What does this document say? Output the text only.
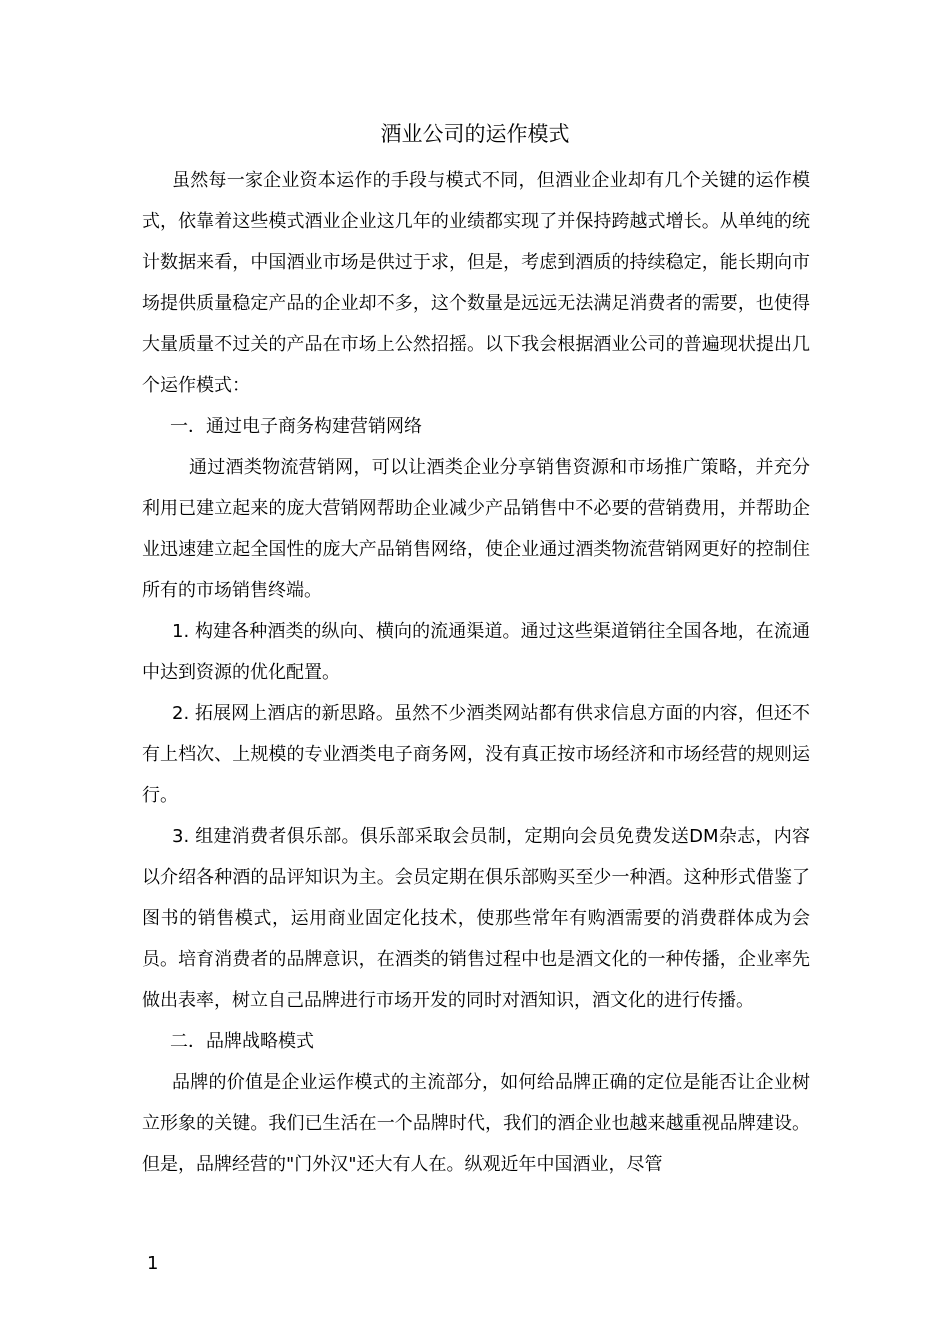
酒业公司的运作模式

虽然每一家企业资本运作的手段与模式不同，但酒业企业却有几个关键的运作模式，依靠着这些模式酒业企业这几年的业绩都实现了并保持跨越式增长。从单纯的统计数据来看，中国酒业市场是供过于求，但是，考虑到酒质的持续稳定，能长期向市场提供质量稳定产品的企业却不多，这个数量是远远无法满足消费者的需要，也使得大量质量不过关的产品在市场上公然招摇。以下我会根据酒业公司的普遍现状提出几个运作模式：

一．通过电子商务构建营销网络

通过酒类物流营销网，可以让酒类企业分享销售资源和市场推广策略，并充分利用已建立起来的庞大营销网帮助企业减少产品销售中不必要的营销费用，并帮助企业迅速建立起全国性的庞大产品销售网络，使企业通过酒类物流营销网更好的控制住所有的市场销售终端。

1. 构建各种酒类的纵向、横向的流通渠道。通过这些渠道销往全国各地，在流通中达到资源的优化配置。

2. 拓展网上酒店的新思路。虽然不少酒类网站都有供求信息方面的内容，但还不有上档次、上规模的专业酒类电子商务网，没有真正按市场经济和市场经营的规则运行。

3. 组建消费者俱乐部。俱乐部采取会员制，定期向会员免费发送DM杂志，内容以介绍各种酒的品评知识为主。会员定期在俱乐部购买至少一种酒。这种形式借鉴了图书的销售模式，运用商业固定化技术，使那些常年有购酒需要的消费群体成为会员。培育消费者的品牌意识，在酒类的销售过程中也是酒文化的一种传播，企业率先做出表率，树立自己品牌进行市场开发的同时对酒知识，酒文化的进行传播。

二．品牌战略模式

品牌的价值是企业运作模式的主流部分，如何给品牌正确的定位是能否让企业树立形象的关键。我们已生活在一个品牌时代，我们的酒企业也越来越重视品牌建设。但是，品牌经营的"门外汉"还大有人在。纵观近年中国酒业，尽管

1
